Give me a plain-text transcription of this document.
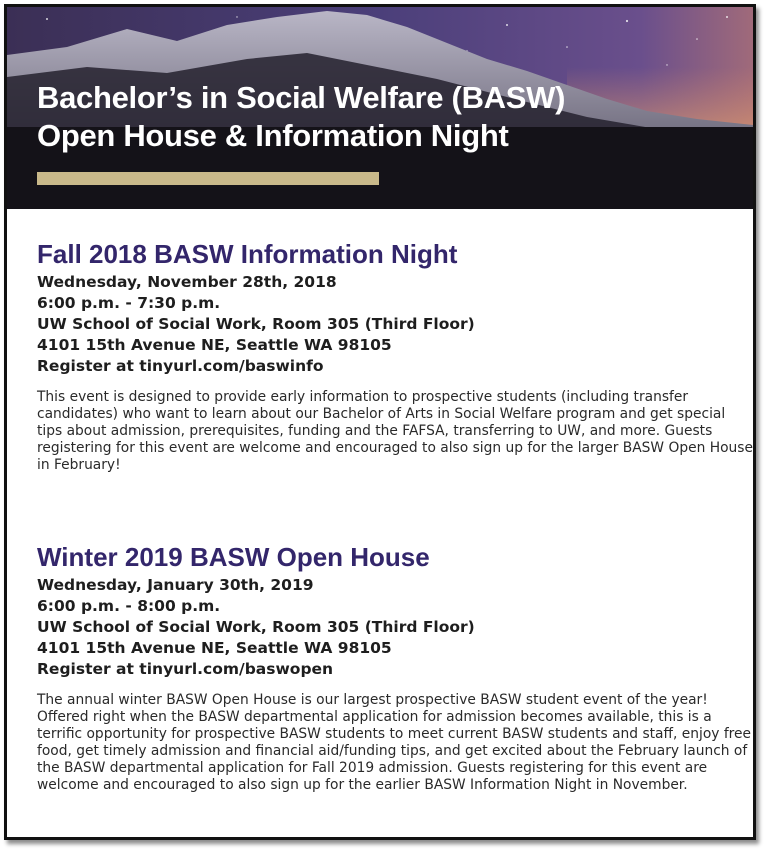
Bachelor’s in Social Welfare (BASW)
Open House & Information Night
Fall 2018 BASW Information Night
Wednesday, November 28th, 2018
6:00 p.m. - 7:30 p.m.
UW School of Social Work, Room 305 (Third Floor)
4101 15th Avenue NE, Seattle WA 98105
Register at tinyurl.com/baswinfo

This event is designed to provide early information to prospective students (including transfer candidates) who want to learn about our Bachelor of Arts in Social Welfare program and get special tips about admission, prerequisites, funding and the FAFSA, transferring to UW, and more. Guests registering for this event are welcome and encouraged to also sign up for the larger BASW Open House in February!

Winter 2019 BASW Open House
Wednesday, January 30th, 2019
6:00 p.m. - 8:00 p.m.
UW School of Social Work, Room 305 (Third Floor)
4101 15th Avenue NE, Seattle WA 98105
Register at tinyurl.com/baswopen

The annual winter BASW Open House is our largest prospective BASW student event of the year! Offered right when the BASW departmental application for admission becomes available, this is a terrific opportunity for prospective BASW students to meet current BASW students and staff, enjoy free food, get timely admission and financial aid/funding tips, and get excited about the February launch of the BASW departmental application for Fall 2019 admission. Guests registering for this event are welcome and encouraged to also sign up for the earlier BASW Information Night in November.
